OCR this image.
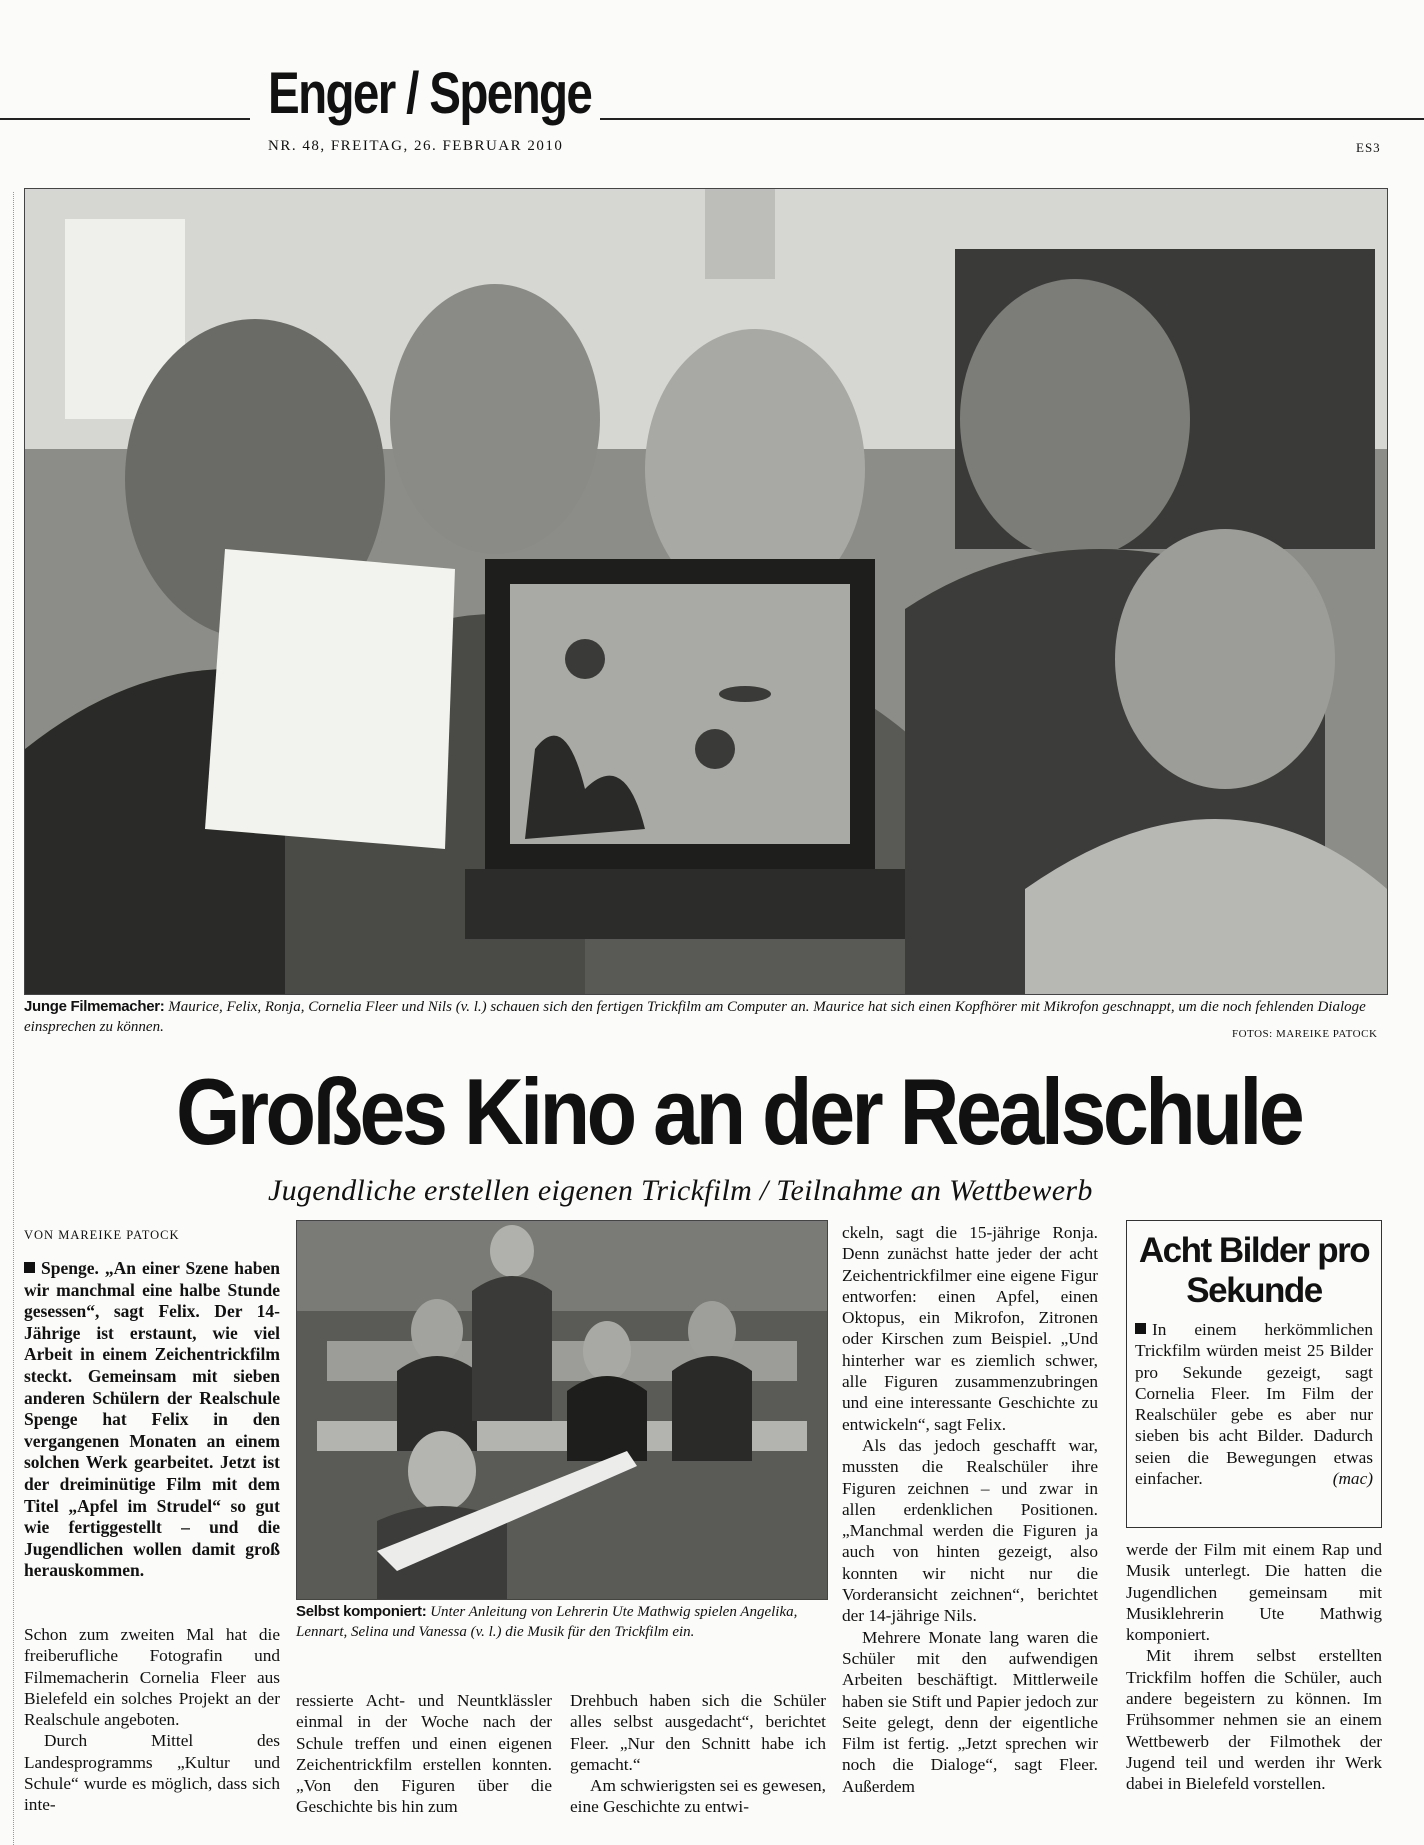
Enger / Spenge
NR. 48, FREITAG, 26. FEBRUAR 2010	ES3
Junge Filmemacher: Maurice, Felix, Ronja, Cornelia Fleer und Nils (v. l.) schauen sich den fertigen Trickfilm am Computer an. Maurice hat sich einen Kopfhörer mit Mikrofon geschnappt, um die noch fehlenden Dialoge einsprechen zu können.	FOTOS: MAREIKE PATOCK
Großes Kino an der Realschule
Jugendliche erstellen eigenen Trickfilm / Teilnahme an Wettbewerb
VON MAREIKE PATOCK
Spenge. „An einer Szene haben wir manchmal eine halbe Stunde gesessen“, sagt Felix. Der 14-Jährige ist erstaunt, wie viel Arbeit in einem Zeichentrickfilm steckt. Gemeinsam mit sieben anderen Schülern der Realschule Spenge hat Felix in den vergangenen Monaten an einem solchen Werk gearbeitet. Jetzt ist der dreiminütige Film mit dem Titel „Apfel im Strudel“ so gut wie fertiggestellt – und die Jugendlichen wollen damit groß herauskommen.

Schon zum zweiten Mal hat die freiberufliche Fotografin und Filmemacherin Cornelia Fleer aus Bielefeld ein solches Projekt an der Realschule angeboten.

Durch Mittel des Landesprogramms „Kultur und Schule“ wurde es möglich, dass sich inte-

Selbst komponiert: Unter Anleitung von Lehrerin Ute Mathwig spielen Angelika, Lennart, Selina und Vanessa (v. l.) die Musik für den Trickfilm ein.

ressierte Acht- und Neuntklässler einmal in der Woche nach der Schule treffen und einen eigenen Zeichentrickfilm erstellen konnten. „Von den Figuren über die Geschichte bis hin zum

Drehbuch haben sich die Schüler alles selbst ausgedacht“, berichtet Fleer. „Nur den Schnitt habe ich gemacht.“

Am schwierigsten sei es gewesen, eine Geschichte zu entwi-

ckeln, sagt die 15-jährige Ronja. Denn zunächst hatte jeder der acht Zeichentrickfilmer eine eigene Figur entworfen: einen Apfel, einen Oktopus, ein Mikrofon, Zitronen oder Kirschen zum Beispiel. „Und hinterher war es ziemlich schwer, alle Figuren zusammenzubringen und eine interessante Geschichte zu entwickeln“, sagt Felix.

Als das jedoch geschafft war, mussten die Realschüler ihre Figuren zeichnen – und zwar in allen erdenklichen Positionen. „Manchmal werden die Figuren ja auch von hinten gezeigt, also konnten wir nicht nur die Vorderansicht zeichnen“, berichtet der 14-jährige Nils.

Mehrere Monate lang waren die Schüler mit den aufwendigen Arbeiten beschäftigt. Mittlerweile haben sie Stift und Papier jedoch zur Seite gelegt, denn der eigentliche Film ist fertig. „Jetzt sprechen wir noch die Dialoge“, sagt Fleer. Außerdem

Acht Bilder pro Sekunde
In einem herkömmlichen Trickfilm würden meist 25 Bilder pro Sekunde gezeigt, sagt Cornelia Fleer. Im Film der Realschüler gebe es aber nur sieben bis acht Bilder. Dadurch seien die Bewegungen etwas einfacher.	(mac)

werde der Film mit einem Rap und Musik unterlegt. Die hatten die Jugendlichen gemeinsam mit Musiklehrerin Ute Mathwig komponiert.

Mit ihrem selbst erstellten Trickfilm hoffen die Schüler, auch andere begeistern zu können. Im Frühsommer nehmen sie an einem Wettbewerb der Filmothek der Jugend teil und werden ihr Werk dabei in Bielefeld vorstellen.
